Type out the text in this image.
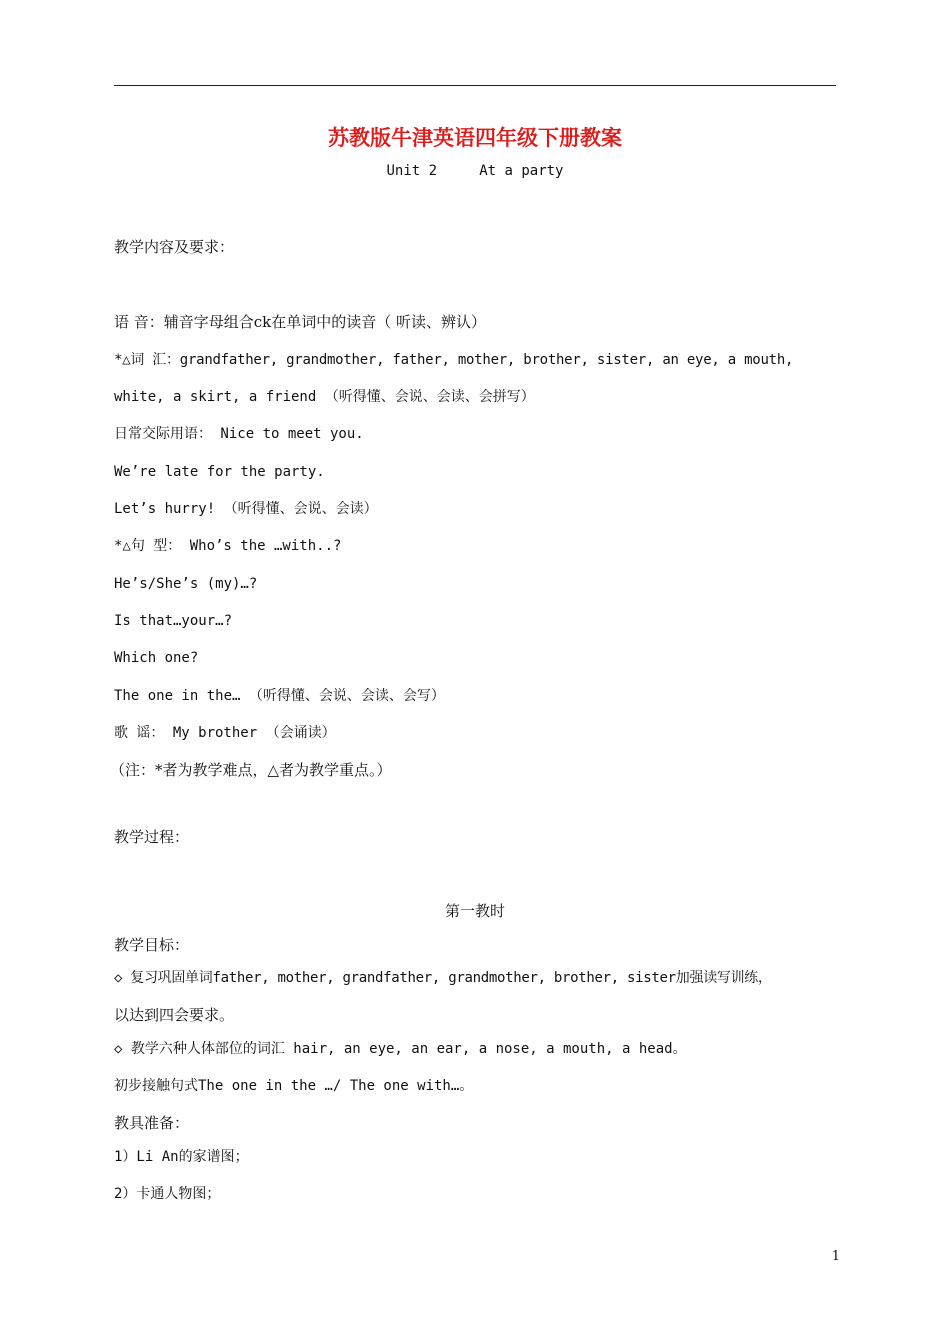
苏教版牛津英语四年级下册教案
Unit 2     At a party
教学内容及要求：
语 音：辅音字母组合ck在单词中的读音（ 听读、辨认）
*△词 汇：grandfather, grandmother, father, mother, brother, sister, an eye, a mouth,
white, a skirt, a friend （听得懂、会说、会读、会拼写）
日常交际用语： Nice to meet you.
We’re late for the party.
Let’s hurry! （听得懂、会说、会读）
*△句 型： Who’s the …with..?
He’s/She’s (my)…?
Is that…your…?
Which one?
The one in the… （听得懂、会说、会读、会写）
歌 谣： My brother （会诵读）
（注：*者为教学难点，△者为教学重点。）
教学过程：
第一教时
教学目标：
◇ 复习巩固单词father, mother, grandfather, grandmother, brother, sister加强读写训练，
以达到四会要求。
◇ 教学六种人体部位的词汇 hair, an eye, an ear, a nose, a mouth, a head。
初步接触句式The one in the …/ The one with…。
教具准备：
1）Li An的家谱图；
2）卡通人物图；
1
